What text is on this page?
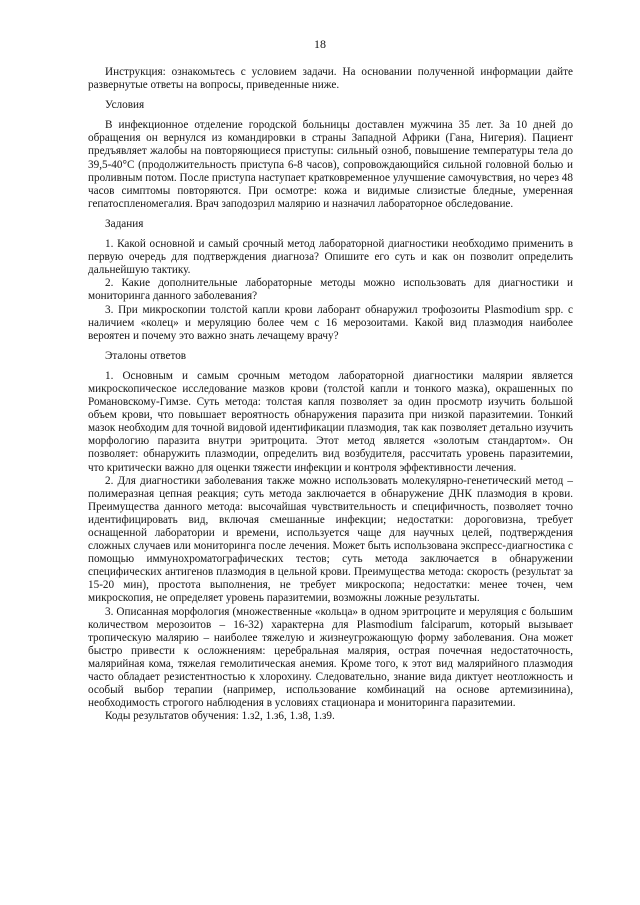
18

Инструкция: ознакомьтесь с условием задачи. На основании полученной информации дайте развернутые ответы на вопросы, приведенные ниже.

Условия

В инфекционное отделение городской больницы доставлен мужчина 35 лет. За 10 дней до обращения он вернулся из командировки в страны Западной Африки (Гана, Нигерия). Пациент предъявляет жалобы на повторяющиеся приступы: сильный озноб, повышение температуры тела до 39,5-40°С (продолжительность приступа 6-8 часов), сопровождающийся сильной головной болью и проливным потом. После приступа наступает кратковременное улучшение самочувствия, но через 48 часов симптомы повторяются. При осмотре: кожа и видимые слизистые бледные, умеренная гепатоспленомегалия. Врач заподозрил малярию и назначил лабораторное обследование.

Задания

1. Какой основной и самый срочный метод лабораторной диагностики необходимо применить в первую очередь для подтверждения диагноза? Опишите его суть и как он позволит определить дальнейшую тактику.

2. Какие дополнительные лабораторные методы можно использовать для диагностики и мониторинга данного заболевания?

3. При микроскопии толстой капли крови лаборант обнаружил трофозоиты Plasmodium spp. с наличием «колец» и меруляцию более чем с 16 мерозоитами. Какой вид плазмодия наиболее вероятен и почему это важно знать лечащему врачу?

Эталоны ответов

1. Основным и самым срочным методом лабораторной диагностики малярии является микроскопическое исследование мазков крови (толстой капли и тонкого мазка), окрашенных по Романовскому-Гимзе. Суть метода: толстая капля позволяет за один просмотр изучить большой объем крови, что повышает вероятность обнаружения паразита при низкой паразитемии. Тонкий мазок необходим для точной видовой идентификации плазмодия, так как позволяет детально изучить морфологию паразита внутри эритроцита. Этот метод является «золотым стандартом». Он позволяет: обнаружить плазмодии, определить вид возбудителя, рассчитать уровень паразитемии, что критически важно для оценки тяжести инфекции и контроля эффективности лечения.

2. Для диагностики заболевания также можно использовать молекулярно-генетический метод – полимеразная цепная реакция; суть метода заключается в обнаружение ДНК плазмодия в крови. Преимущества данного метода: высочайшая чувствительность и специфичность, позволяет точно идентифицировать вид, включая смешанные инфекции; недостатки: дороговизна, требует оснащенной лаборатории и времени, используется чаще для научных целей, подтверждения сложных случаев или мониторинга после лечения. Может быть использована экспресс-диагностика с помощью иммунохроматографических тестов; суть метода заключается в обнаружении специфических антигенов плазмодия в цельной крови. Преимущества метода: скорость (результат за 15-20 мин), простота выполнения, не требует микроскопа; недостатки: менее точен, чем микроскопия, не определяет уровень паразитемии, возможны ложные результаты.

3. Описанная морфология (множественные «кольца» в одном эритроците и меруляция с большим количеством мерозоитов – 16-32) характерна для Plasmodium falciparum, который вызывает тропическую малярию – наиболее тяжелую и жизнеугрожающую форму заболевания. Она может быстро привести к осложнениям: церебральная малярия, острая почечная недостаточность, малярийная кома, тяжелая гемолитическая анемия. Кроме того, к этот вид малярийного плазмодия часто обладает резистентностью к хлорохину. Следовательно, знание вида диктует неотложность и особый выбор терапии (например, использование комбинаций на основе артемизинина), необходимость строгого наблюдения в условиях стационара и мониторинга паразитемии.

Коды результатов обучения: 1.з2, 1.з6, 1.з8, 1.з9.
